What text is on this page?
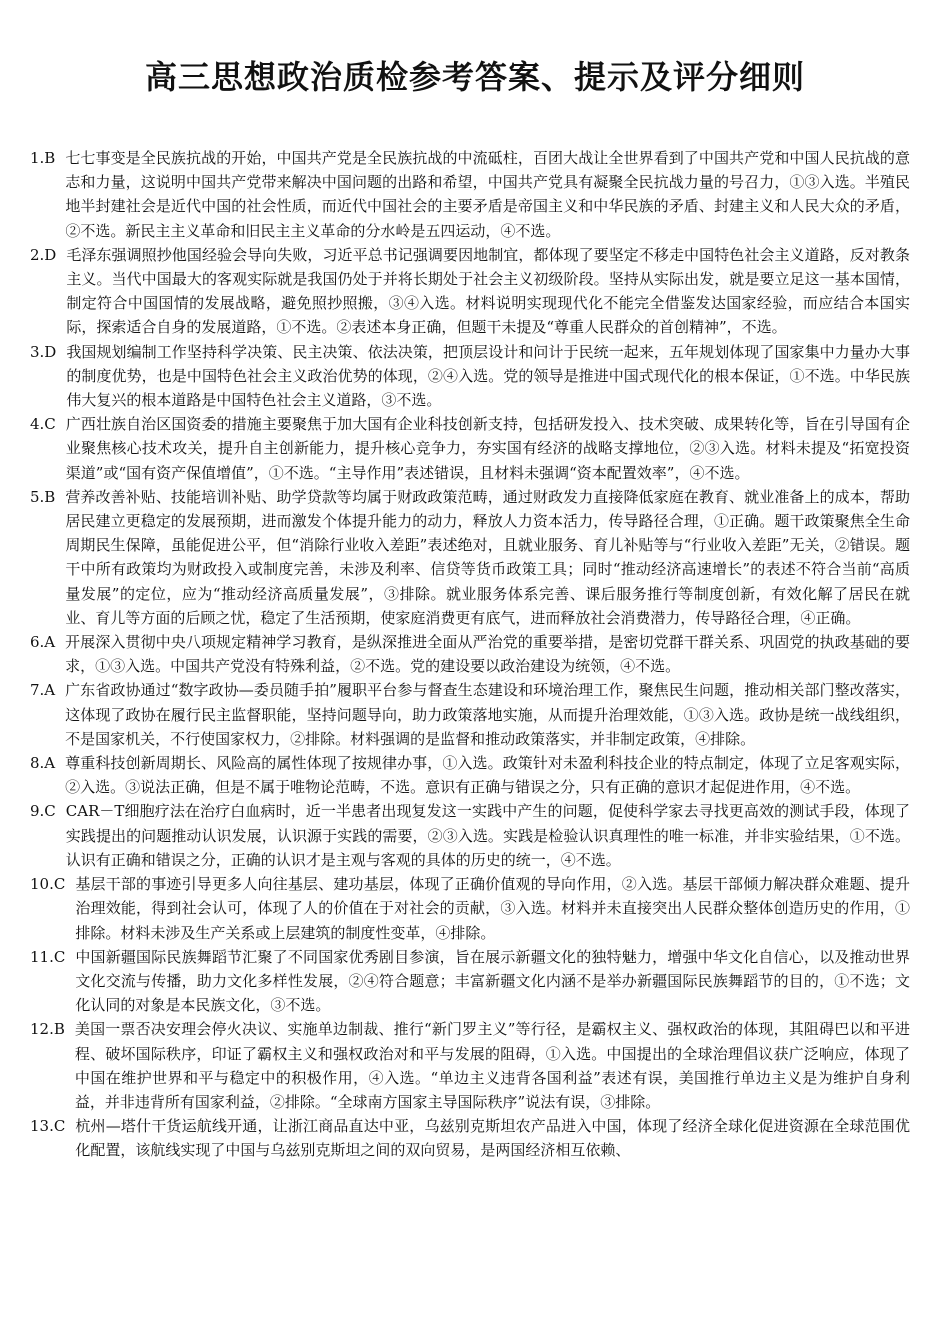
高三思想政治质检参考答案、提示及评分细则
1.B 七七事变是全民族抗战的开始，中国共产党是全民族抗战的中流砥柱，百团大战让全世界看到了中国共产党和中国人民抗战的意志和力量，这说明中国共产党带来解决中国问题的出路和希望，中国共产党具有凝聚全民抗战力量的号召力，①③入选。半殖民地半封建社会是近代中国的社会性质，而近代中国社会的主要矛盾是帝国主义和中华民族的矛盾、封建主义和人民大众的矛盾，②不选。新民主主义革命和旧民主主义革命的分水岭是五四运动，④不选。
2.D 毛泽东强调照抄他国经验会导向失败，习近平总书记强调要因地制宜，都体现了要坚定不移走中国特色社会主义道路，反对教条主义。当代中国最大的客观实际就是我国仍处于并将长期处于社会主义初级阶段。坚持从实际出发，就是要立足这一基本国情，制定符合中国国情的发展战略，避免照抄照搬，③④入选。材料说明实现现代化不能完全借鉴发达国家经验，而应结合本国实际，探索适合自身的发展道路，①不选。②表述本身正确，但题干未提及“尊重人民群众的首创精神”，不选。
3.D 我国规划编制工作坚持科学决策、民主决策、依法决策，把顶层设计和问计于民统一起来，五年规划体现了国家集中力量办大事的制度优势，也是中国特色社会主义政治优势的体现，②④入选。党的领导是推进中国式现代化的根本保证，①不选。中华民族伟大复兴的根本道路是中国特色社会主义道路，③不选。
4.C 广西壮族自治区国资委的措施主要聚焦于加大国有企业科技创新支持，包括研发投入、技术突破、成果转化等，旨在引导国有企业聚焦核心技术攻关，提升自主创新能力，提升核心竞争力，夯实国有经济的战略支撑地位，②③入选。材料未提及“拓宽投资渠道”或“国有资产保值增值”，①不选。“主导作用”表述错误，且材料未强调“资本配置效率”，④不选。
5.B 营养改善补贴、技能培训补贴、助学贷款等均属于财政政策范畴，通过财政发力直接降低家庭在教育、就业准备上的成本，帮助居民建立更稳定的发展预期，进而激发个体提升能力的动力，释放人力资本活力，传导路径合理，①正确。题干政策聚焦全生命周期民生保障，虽能促进公平，但“消除行业收入差距”表述绝对，且就业服务、育儿补贴等与“行业收入差距”无关，②错误。题干中所有政策均为财政投入或制度完善，未涉及利率、信贷等货币政策工具；同时“推动经济高速增长”的表述不符合当前“高质量发展”的定位，应为“推动经济高质量发展”，③排除。就业服务体系完善、课后服务推行等制度创新，有效化解了居民在就业、育儿等方面的后顾之忧，稳定了生活预期，使家庭消费更有底气，进而释放社会消费潜力，传导路径合理，④正确。
6.A 开展深入贯彻中央八项规定精神学习教育，是纵深推进全面从严治党的重要举措，是密切党群干群关系、巩固党的执政基础的要求，①③入选。中国共产党没有特殊利益，②不选。党的建设要以政治建设为统领，④不选。
7.A 广东省政协通过“数字政协—委员随手拍”履职平台参与督查生态建设和环境治理工作，聚焦民生问题，推动相关部门整改落实，这体现了政协在履行民主监督职能，坚持问题导向，助力政策落地实施，从而提升治理效能，①③入选。政协是统一战线组织，不是国家机关，不行使国家权力，②排除。材料强调的是监督和推动政策落实，并非制定政策，④排除。
8.A 尊重科技创新周期长、风险高的属性体现了按规律办事，①入选。政策针对未盈利科技企业的特点制定，体现了立足客观实际，②入选。③说法正确，但是不属于唯物论范畴，不选。意识有正确与错误之分，只有正确的意识才起促进作用，④不选。
9.C CAR－T细胞疗法在治疗白血病时，近一半患者出现复发这一实践中产生的问题，促使科学家去寻找更高效的测试手段，体现了实践提出的问题推动认识发展，认识源于实践的需要，②③入选。实践是检验认识真理性的唯一标准，并非实验结果，①不选。认识有正确和错误之分，正确的认识才是主观与客观的具体的历史的统一，④不选。
10.C 基层干部的事迹引导更多人向往基层、建功基层，体现了正确价值观的导向作用，②入选。基层干部倾力解决群众难题、提升治理效能，得到社会认可，体现了人的价值在于对社会的贡献，③入选。材料并未直接突出人民群众整体创造历史的作用，①排除。材料未涉及生产关系或上层建筑的制度性变革，④排除。
11.C 中国新疆国际民族舞蹈节汇聚了不同国家优秀剧目参演，旨在展示新疆文化的独特魅力，增强中华文化自信心，以及推动世界文化交流与传播，助力文化多样性发展，②④符合题意；丰富新疆文化内涵不是举办新疆国际民族舞蹈节的目的，①不选；文化认同的对象是本民族文化，③不选。
12.B 美国一票否决安理会停火决议、实施单边制裁、推行“新门罗主义”等行径，是霸权主义、强权政治的体现，其阻碍巴以和平进程、破坏国际秩序，印证了霸权主义和强权政治对和平与发展的阻碍，①入选。中国提出的全球治理倡议获广泛响应，体现了中国在维护世界和平与稳定中的积极作用，④入选。“单边主义违背各国利益”表述有误，美国推行单边主义是为维护自身利益，并非违背所有国家利益，②排除。“全球南方国家主导国际秩序”说法有误，③排除。
13.C 杭州—塔什干货运航线开通，让浙江商品直达中亚，乌兹别克斯坦农产品进入中国，体现了经济全球化促进资源在全球范围优化配置，该航线实现了中国与乌兹别克斯坦之间的双向贸易，是两国经济相互依赖、
